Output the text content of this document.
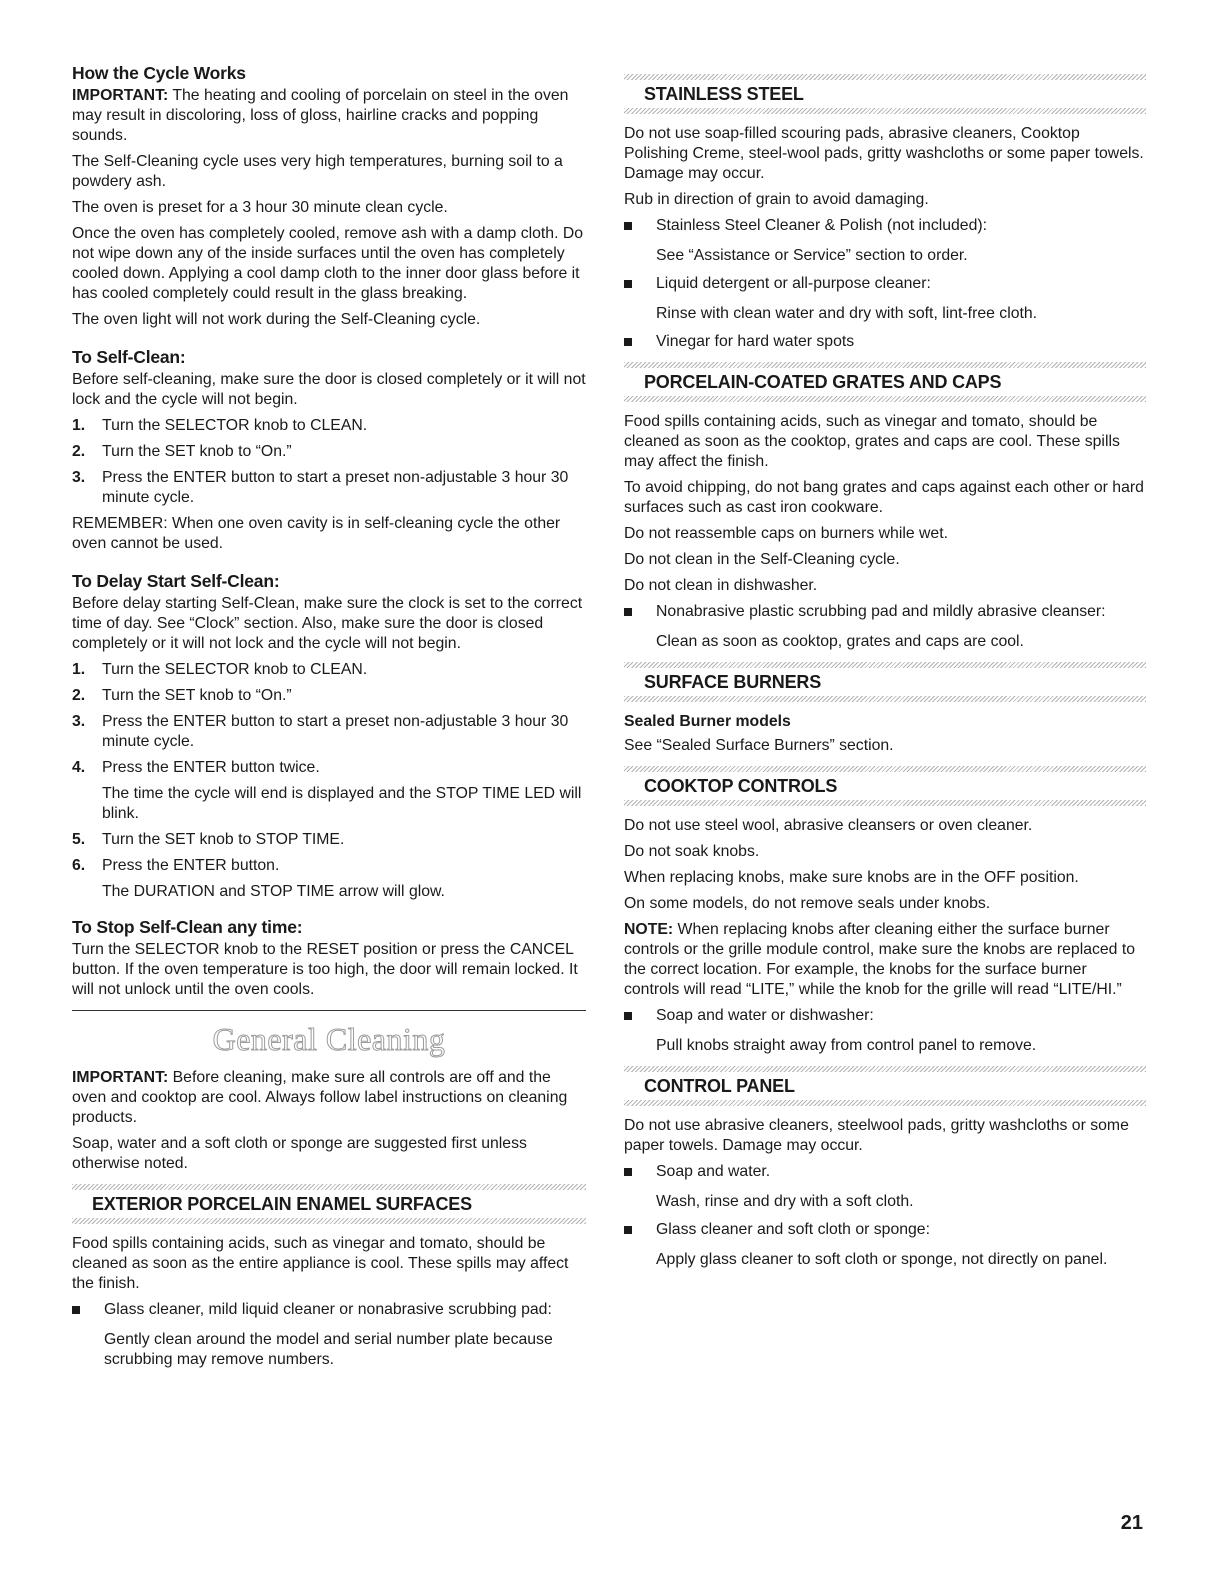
How the Cycle Works

IMPORTANT: The heating and cooling of porcelain on steel in the oven may result in discoloring, loss of gloss, hairline cracks and popping sounds.

The Self-Cleaning cycle uses very high temperatures, burning soil to a powdery ash.

The oven is preset for a 3 hour 30 minute clean cycle.

Once the oven has completely cooled, remove ash with a damp cloth. Do not wipe down any of the inside surfaces until the oven has completely cooled down. Applying a cool damp cloth to the inner door glass before it has cooled completely could result in the glass breaking.

The oven light will not work during the Self-Cleaning cycle.

To Self-Clean:

Before self-cleaning, make sure the door is closed completely or it will not lock and the cycle will not begin.

1. Turn the SELECTOR knob to CLEAN.
2. Turn the SET knob to “On.”
3. Press the ENTER button to start a preset non-adjustable 3 hour 30 minute cycle.

REMEMBER: When one oven cavity is in self-cleaning cycle the other oven cannot be used.

To Delay Start Self-Clean:

Before delay starting Self-Clean, make sure the clock is set to the correct time of day. See “Clock” section. Also, make sure the door is closed completely or it will not lock and the cycle will not begin.

1. Turn the SELECTOR knob to CLEAN.
2. Turn the SET knob to “On.”
3. Press the ENTER button to start a preset non-adjustable 3 hour 30 minute cycle.
4. Press the ENTER button twice.
The time the cycle will end is displayed and the STOP TIME LED will blink.
5. Turn the SET knob to STOP TIME.
6. Press the ENTER button.
The DURATION and STOP TIME arrow will glow.
To Stop Self-Clean any time:

Turn the SELECTOR knob to the RESET position or press the CANCEL button. If the oven temperature is too high, the door will remain locked. It will not unlock until the oven cools.

General Cleaning

IMPORTANT: Before cleaning, make sure all controls are off and the oven and cooktop are cool. Always follow label instructions on cleaning products.

Soap, water and a soft cloth or sponge are suggested first unless otherwise noted.

EXTERIOR PORCELAIN ENAMEL SURFACES

Food spills containing acids, such as vinegar and tomato, should be cleaned as soon as the entire appliance is cool. These spills may affect the finish.

Glass cleaner, mild liquid cleaner or nonabrasive scrubbing pad:
Gently clean around the model and serial number plate because scrubbing may remove numbers.
STAINLESS STEEL

Do not use soap-filled scouring pads, abrasive cleaners, Cooktop Polishing Creme, steel-wool pads, gritty washcloths or some paper towels. Damage may occur.

Rub in direction of grain to avoid damaging.

Stainless Steel Cleaner & Polish (not included):
See “Assistance or Service” section to order.
Liquid detergent or all-purpose cleaner:
Rinse with clean water and dry with soft, lint-free cloth.
Vinegar for hard water spots
PORCELAIN-COATED GRATES AND CAPS

Food spills containing acids, such as vinegar and tomato, should be cleaned as soon as the cooktop, grates and caps are cool. These spills may affect the finish.

To avoid chipping, do not bang grates and caps against each other or hard surfaces such as cast iron cookware.

Do not reassemble caps on burners while wet.

Do not clean in the Self-Cleaning cycle.

Do not clean in dishwasher.

Nonabrasive plastic scrubbing pad and mildly abrasive cleanser:
Clean as soon as cooktop, grates and caps are cool.
SURFACE BURNERS

Sealed Burner models

See “Sealed Surface Burners” section.

COOKTOP CONTROLS

Do not use steel wool, abrasive cleansers or oven cleaner.

Do not soak knobs.

When replacing knobs, make sure knobs are in the OFF position.

On some models, do not remove seals under knobs.

NOTE: When replacing knobs after cleaning either the surface burner controls or the grille module control, make sure the knobs are replaced to the correct location. For example, the knobs for the surface burner controls will read “LITE,” while the knob for the grille will read “LITE/HI.”

Soap and water or dishwasher:
Pull knobs straight away from control panel to remove.
CONTROL PANEL

Do not use abrasive cleaners, steelwool pads, gritty washcloths or some paper towels. Damage may occur.

Soap and water.
Wash, rinse and dry with a soft cloth.
Glass cleaner and soft cloth or sponge:
Apply glass cleaner to soft cloth or sponge, not directly on panel.
21
